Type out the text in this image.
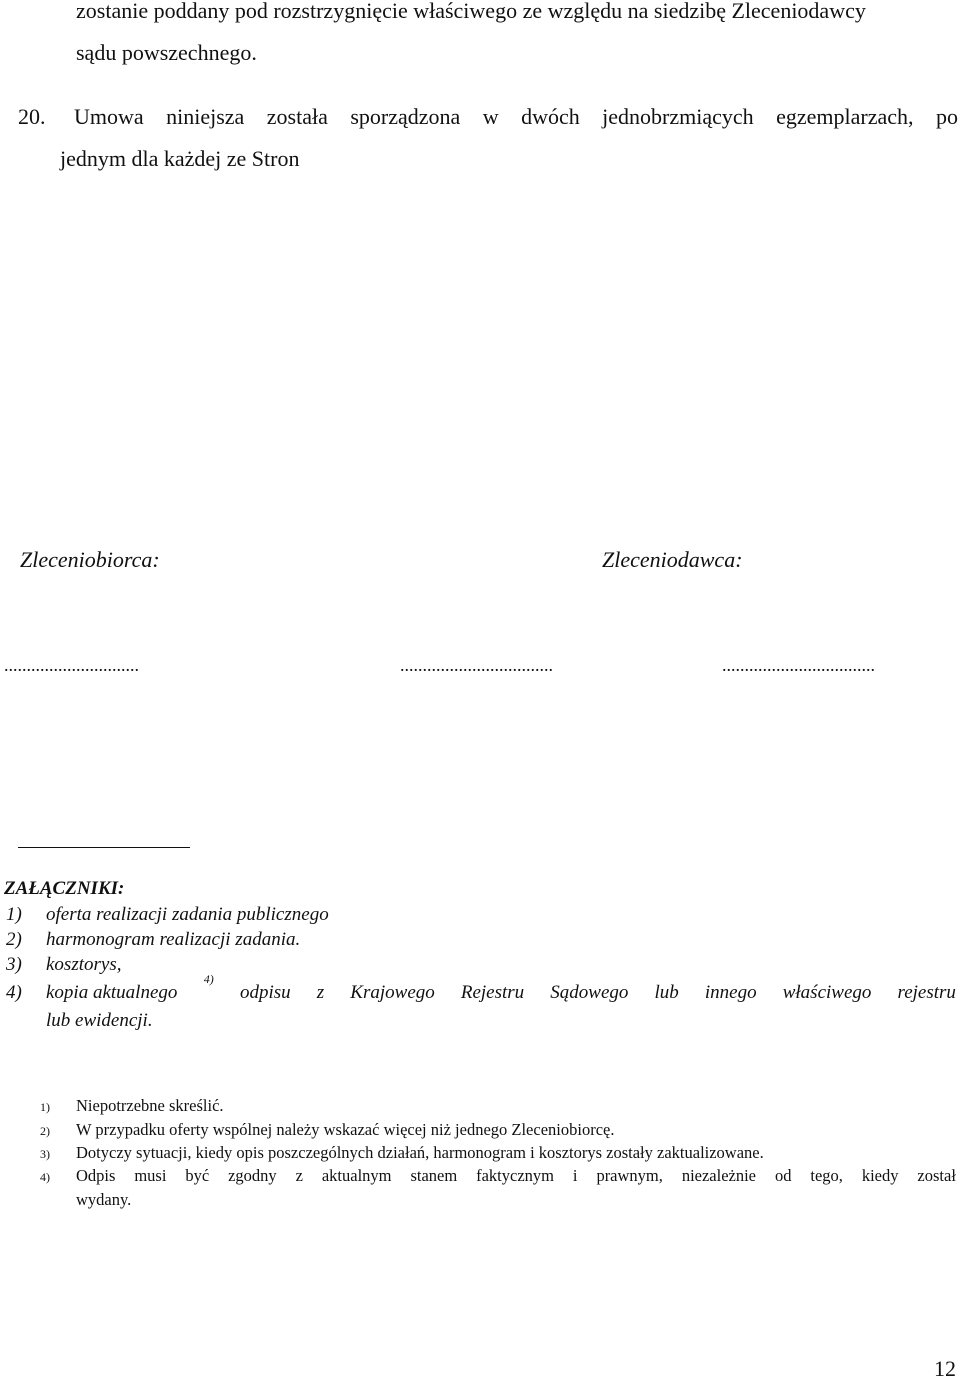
zostanie poddany pod rozstrzygnięcie właściwego ze względu na siedzibę Zleceniodawcy
sądu powszechnego.
20. Umowa niniejsza została sporządzona w dwóch jednobrzmiących egzemplarzach, po
jednym dla każdej ze Stron
Zleceniobiorca:	Zleceniodawca:
..............................	..................................	..................................
ZAŁĄCZNIKI:
1) oferta realizacji zadania publicznego
2) harmonogram realizacji zadania.
3) kosztorys,
4) kopia aktualnego
4)
odpisu z Krajowego Rejestru Sądowego lub innego właściwego rejestru
lub ewidencji.
1) Niepotrzebne skreślić.
2) W przypadku oferty wspólnej należy wskazać więcej niż jednego Zleceniobiorcę.
3) Dotyczy sytuacji, kiedy opis poszczególnych działań, harmonogram i kosztorys zostały zaktualizowane.
4) Odpis musi być zgodny z aktualnym stanem faktycznym i prawnym, niezależnie od tego, kiedy został
wydany.
12
